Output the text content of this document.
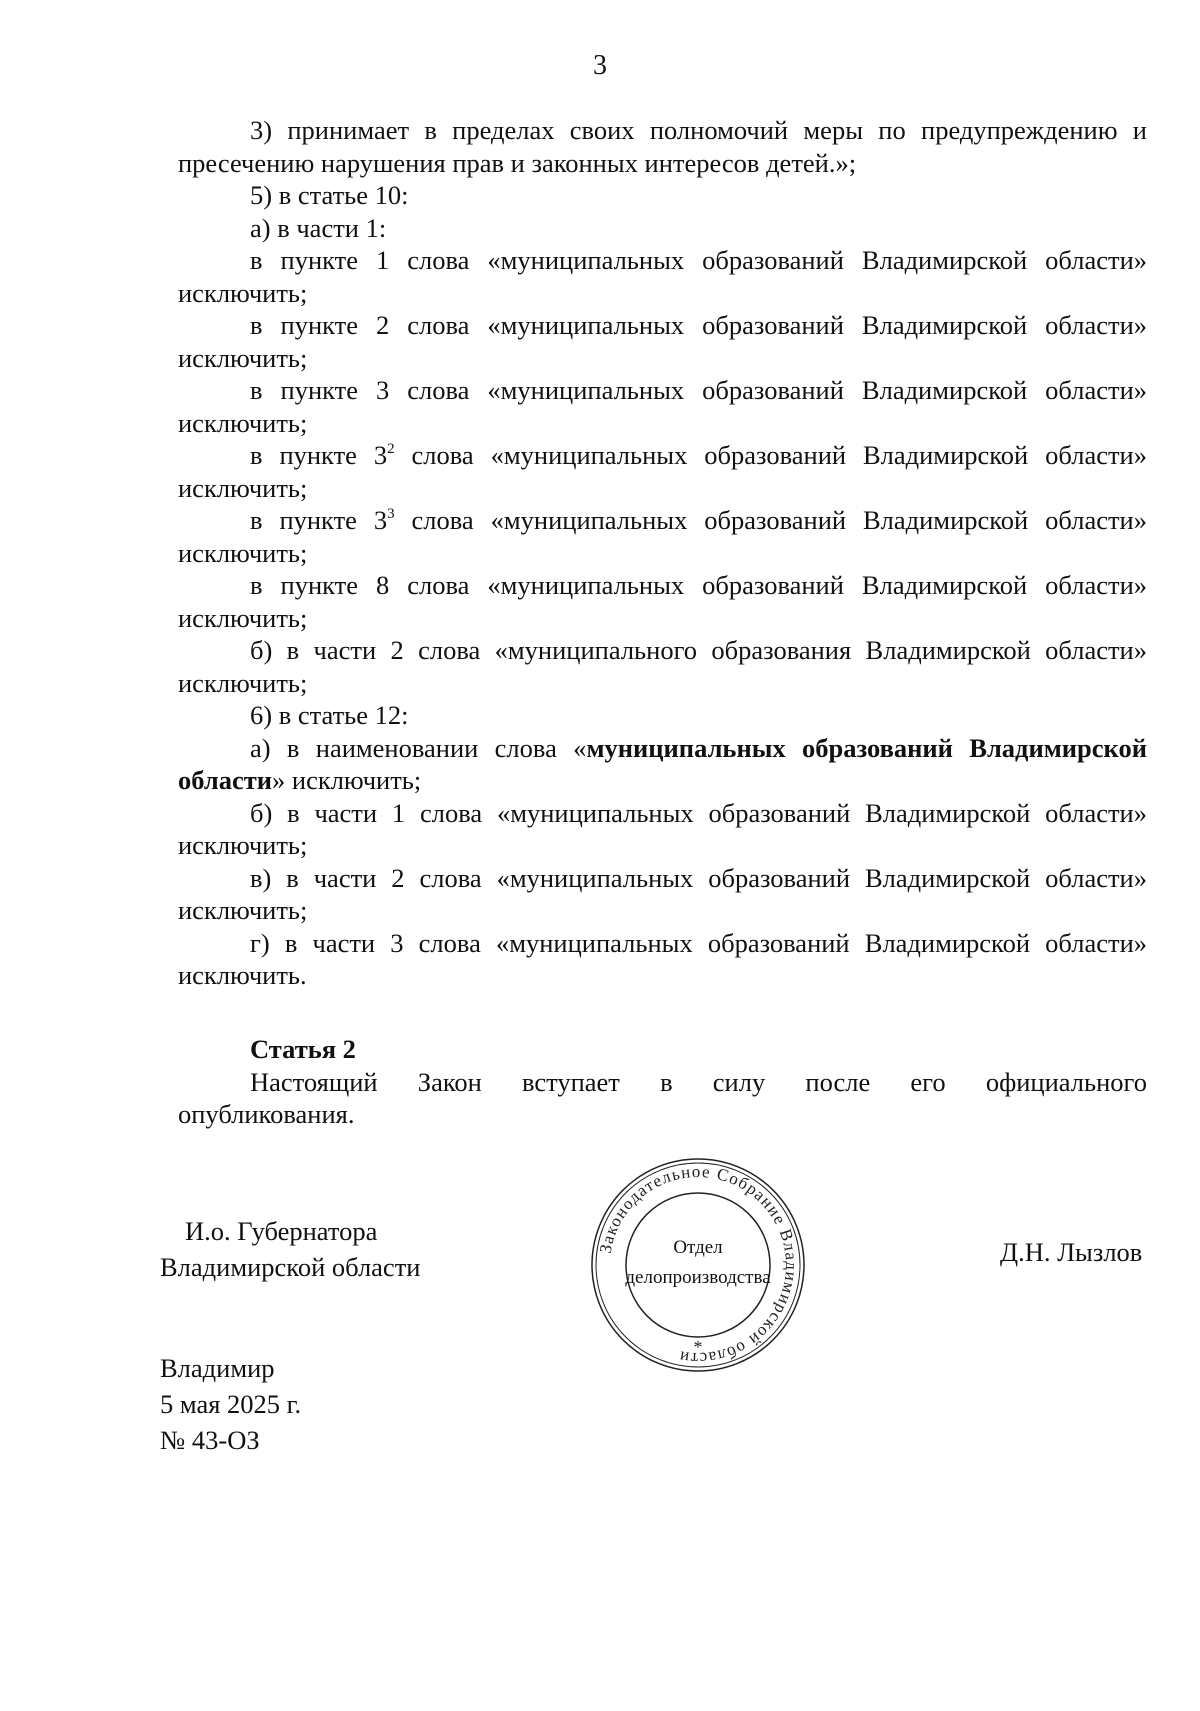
3

3) принимает в пределах своих полномочий меры по предупреждению и пресечению нарушения прав и законных интересов детей.»;

5) в статье 10:

а) в части 1:

в пункте 1 слова «муниципальных образований Владимирской области» исключить;

в пункте 2 слова «муниципальных образований Владимирской области» исключить;

в пункте 3 слова «муниципальных образований Владимирской области» исключить;

в пункте $3^2$ слова «муниципальных образований Владимирской области» исключить;

в пункте $3^3$ слова «муниципальных образований Владимирской области» исключить;

в пункте 8 слова «муниципальных образований Владимирской области» исключить;

б) в части 2 слова «муниципального образования Владимирской области» исключить;

6) в статье 12:

а) в наименовании слова «муниципальных образований Владимирской области» исключить;

б) в части 1 слова «муниципальных образований Владимирской области» исключить;

в) в части 2 слова «муниципальных образований Владимирской области» исключить;

г) в части 3 слова «муниципальных образований Владимирской области» исключить.

Статья 2

Настоящий Закон вступает в силу после его официального

опубликования.

И.о. Губернатора
Владимирской области
Законодательное Собрание Владимирской области
*
Отдел
делопроизводства
Д.Н. Лызлов
Владимир
5 мая 2025 г.
№ 43-ОЗ
